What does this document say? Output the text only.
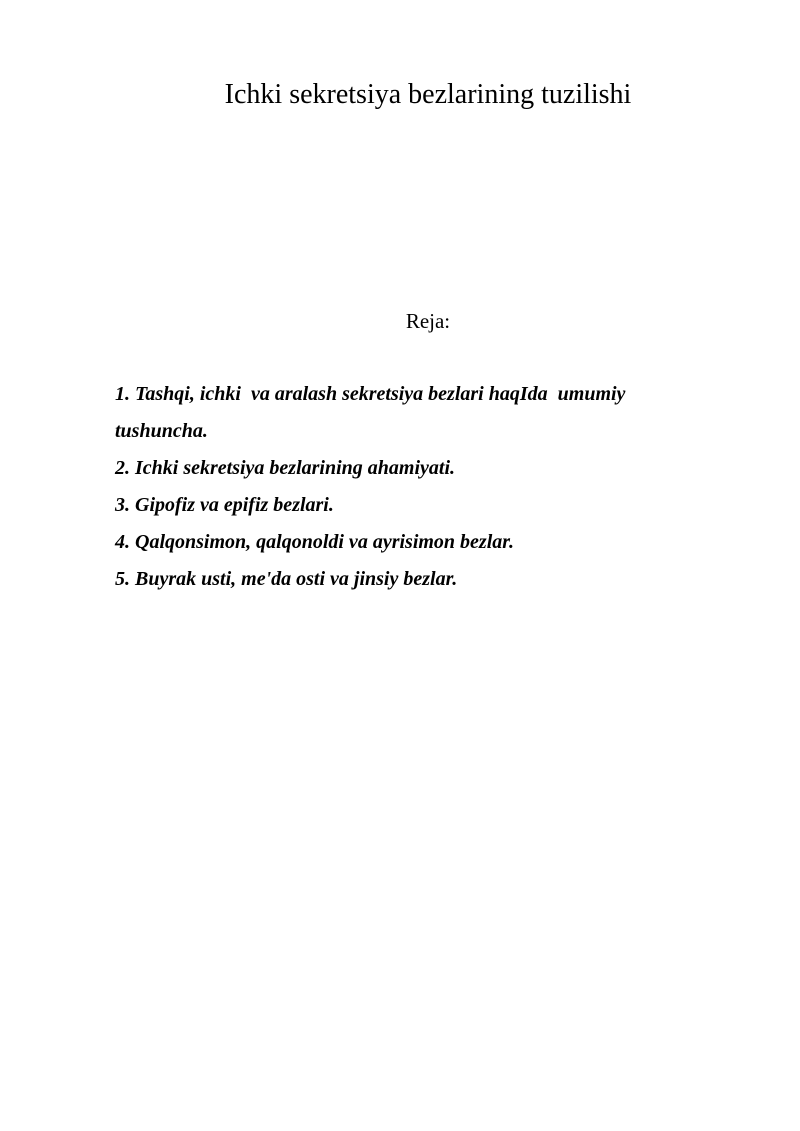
Ichki sekretsiya bezlarining tuzilishi

Reja:

1. Tashqi, ichki  va aralash sekretsiya bezlari haqIda  umumiy tushuncha.
2. Ichki sekretsiya bezlarining ahamiyati.
3. Gipofiz va epifiz bezlari.
4. Qalqonsimon, qalqonoldi va ayrisimon bezlar.
5. Buyrak usti, me'da osti va jinsiy bezlar.
